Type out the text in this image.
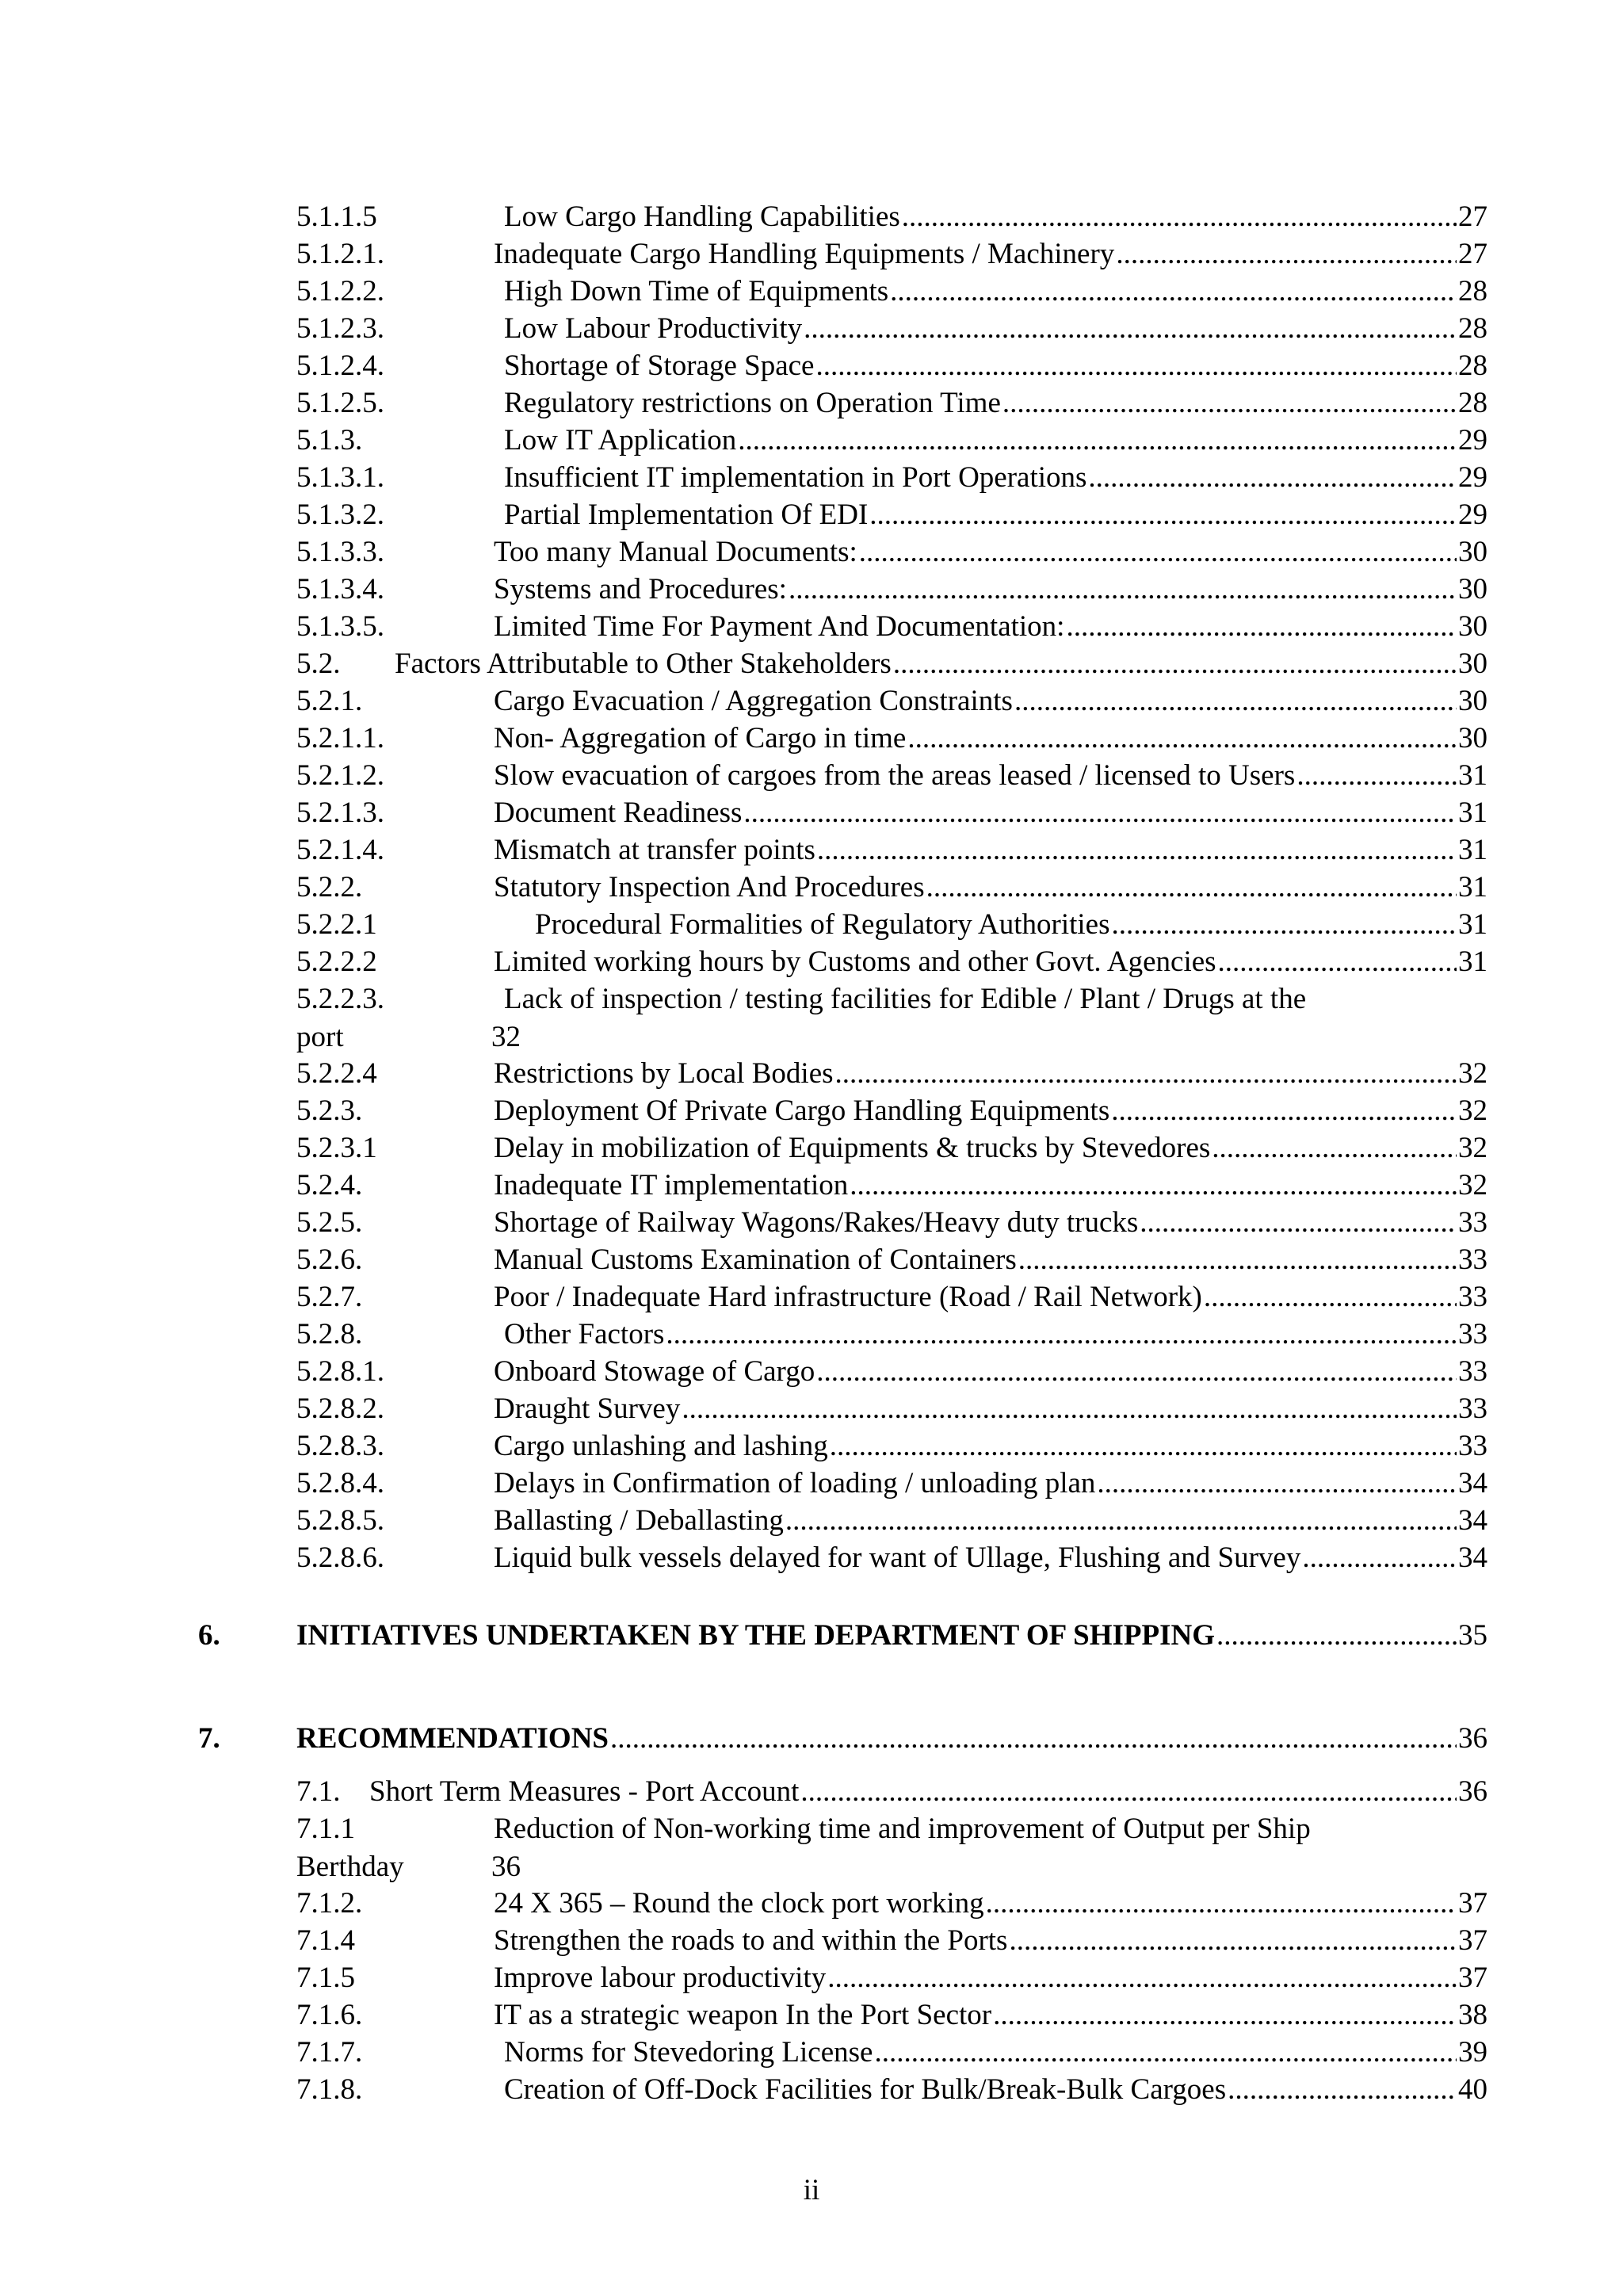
5.1.1.5	Low Cargo Handling Capabilities .....	27
5.1.2.1.	Inadequate Cargo Handling Equipments / Machinery .....	27
5.1.2.2.	High Down Time of Equipments .....	28
5.1.2.3.	Low Labour Productivity .....	28
5.1.2.4.	Shortage of Storage Space .....	28
5.1.2.5.	Regulatory restrictions on Operation Time .....	28
5.1.3.	Low IT Application .....	29
5.1.3.1.	Insufficient IT implementation in Port Operations .....	29
5.1.3.2.	Partial Implementation Of EDI .....	29
5.1.3.3.	Too many Manual Documents: .....	30
5.1.3.4.	Systems and Procedures: .....	30
5.1.3.5.	Limited Time For Payment And Documentation: .....	30
5.2. Factors Attributable to Other Stakeholders .....	30
5.2.1.	Cargo Evacuation / Aggregation Constraints .....	30
5.2.1.1.	Non- Aggregation of Cargo in time .....	30
5.2.1.2.	Slow evacuation of cargoes from the areas leased / licensed to Users .....	31
5.2.1.3.	Document Readiness .....	31
5.2.1.4.	Mismatch at transfer points .....	31
5.2.2.	Statutory Inspection And Procedures .....	31
5.2.2.1	Procedural Formalities of Regulatory Authorities .....	31
5.2.2.2	Limited working hours by Customs and other Govt. Agencies .....	31
5.2.2.3.	Lack of inspection / testing facilities for Edible / Plant / Drugs at the
port	32
5.2.2.4	Restrictions by Local Bodies .....	32
5.2.3.	Deployment Of Private Cargo Handling Equipments .....	32
5.2.3.1	Delay in mobilization of Equipments & trucks by Stevedores .....	32
5.2.4.	Inadequate IT implementation .....	32
5.2.5.	Shortage of Railway Wagons/Rakes/Heavy duty trucks .....	33
5.2.6.	Manual Customs Examination of Containers .....	33
5.2.7.	Poor / Inadequate Hard infrastructure (Road / Rail Network) .....	33
5.2.8.	Other Factors .....	33
5.2.8.1.	Onboard Stowage of Cargo .....	33
5.2.8.2.	Draught Survey .....	33
5.2.8.3.	Cargo unlashing and lashing .....	33
5.2.8.4.	Delays in Confirmation of loading / unloading plan .....	34
5.2.8.5.	Ballasting / Deballasting .....	34
5.2.8.6.	Liquid bulk vessels delayed for want of Ullage, Flushing and Survey .....	34
6.	INITIATIVES UNDERTAKEN BY THE DEPARTMENT OF SHIPPING .....	35
7.	RECOMMENDATIONS .....	36
7.1. Short Term Measures - Port Account .....	36
7.1.1	Reduction of Non-working time and improvement of Output per Ship
Berthday	36
7.1.2.	24 X 365 – Round the clock port working .....	37
7.1.4	Strengthen the roads to and within the Ports .....	37
7.1.5	Improve labour productivity .....	37
7.1.6.	IT as a strategic weapon In the Port Sector .....	38
7.1.7.	Norms for Stevedoring License .....	39
7.1.8.	Creation of Off-Dock Facilities for Bulk/Break-Bulk Cargoes .....	40
ii
